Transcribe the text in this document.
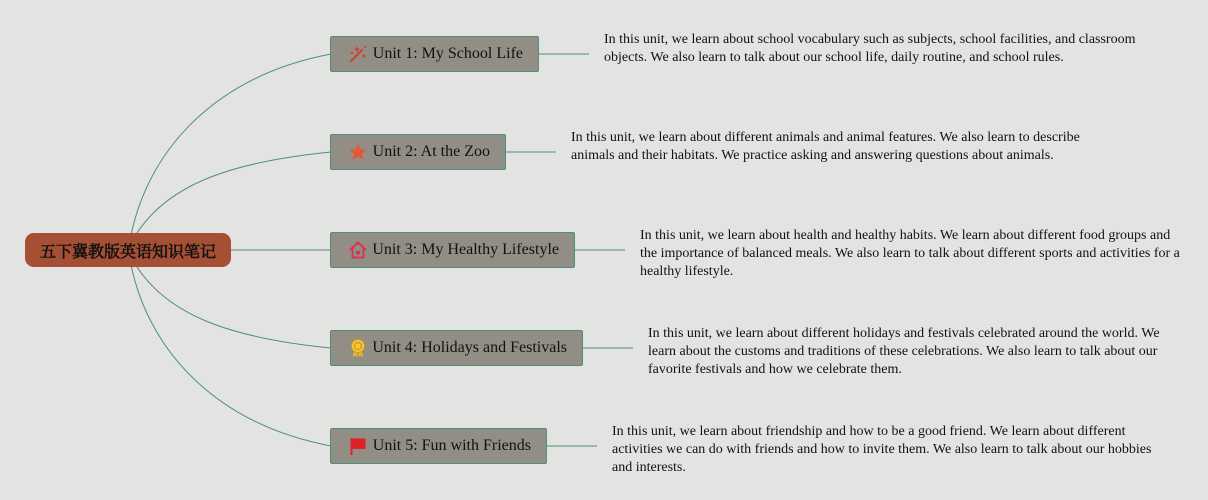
五下冀教版英语知识笔记
Unit 1: My School Life
In this unit, we learn about school vocabulary such as subjects, school facilities, and classroom objects. We also learn to talk about our school life, daily routine, and school rules.
Unit 2: At the Zoo
In this unit, we learn about different animals and animal features. We also learn to describe animals and their habitats. We practice asking and answering questions about animals.
Unit 3: My Healthy Lifestyle
In this unit, we learn about health and healthy habits. We learn about different food groups and the importance of balanced meals. We also learn to talk about different sports and activities for a healthy lifestyle.
Unit 4: Holidays and Festivals
In this unit, we learn about different holidays and festivals celebrated around the world. We learn about the customs and traditions of these celebrations. We also learn to talk about our favorite festivals and how we celebrate them.
Unit 5: Fun with Friends
In this unit, we learn about friendship and how to be a good friend. We learn about different activities we can do with friends and how to invite them. We also learn to talk about our hobbies and interests.
